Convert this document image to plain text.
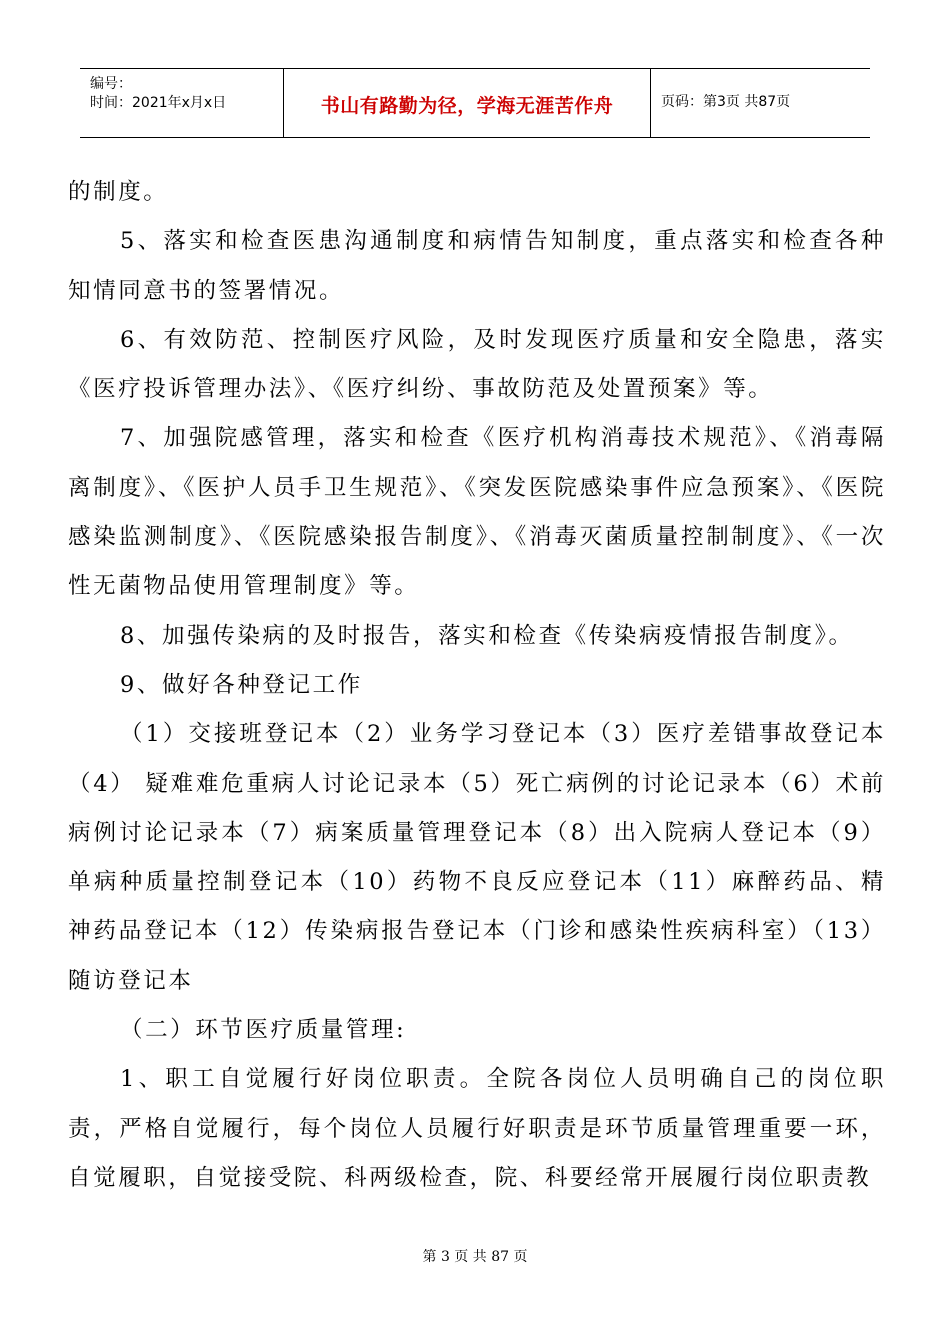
编号：
时间：2021年x月x日	书山有路勤为径，学海无涯苦作舟	页码：第3页 共87页

的制度。

5、落实和检查医患沟通制度和病情告知制度，重点落实和检查各种知情同意书的签署情况。

6、有效防范、控制医疗风险，及时发现医疗质量和安全隐患，落实《医疗投诉管理办法》、《医疗纠纷、事故防范及处置预案》等。

7、加强院感管理，落实和检查《医疗机构消毒技术规范》、《消毒隔离制度》、《医护人员手卫生规范》、《突发医院感染事件应急预案》、《医院感染监测制度》、《医院感染报告制度》、《消毒灭菌质量控制制度》、《一次性无菌物品使用管理制度》等。

8、加强传染病的及时报告，落实和检查《传染病疫情报告制度》。

9、做好各种登记工作

（1）交接班登记本（2）业务学习登记本（3）医疗差错事故登记本（4） 疑难难危重病人讨论记录本（5）死亡病例的讨论记录本（6）术前病例讨论记录本（7）病案质量管理登记本（8）出入院病人登记本（9）单病种质量控制登记本（10）药物不良反应登记本（11）麻醉药品、精神药品登记本（12）传染病报告登记本（门诊和感染性疾病科室）（13）随访登记本

（二）环节医疗质量管理:

1、职工自觉履行好岗位职责。全院各岗位人员明确自己的岗位职责，严格自觉履行，每个岗位人员履行好职责是环节质量管理重要一环，自觉履职，自觉接受院、科两级检查，院、科要经常开展履行岗位职责教

第 3 页 共 87 页
